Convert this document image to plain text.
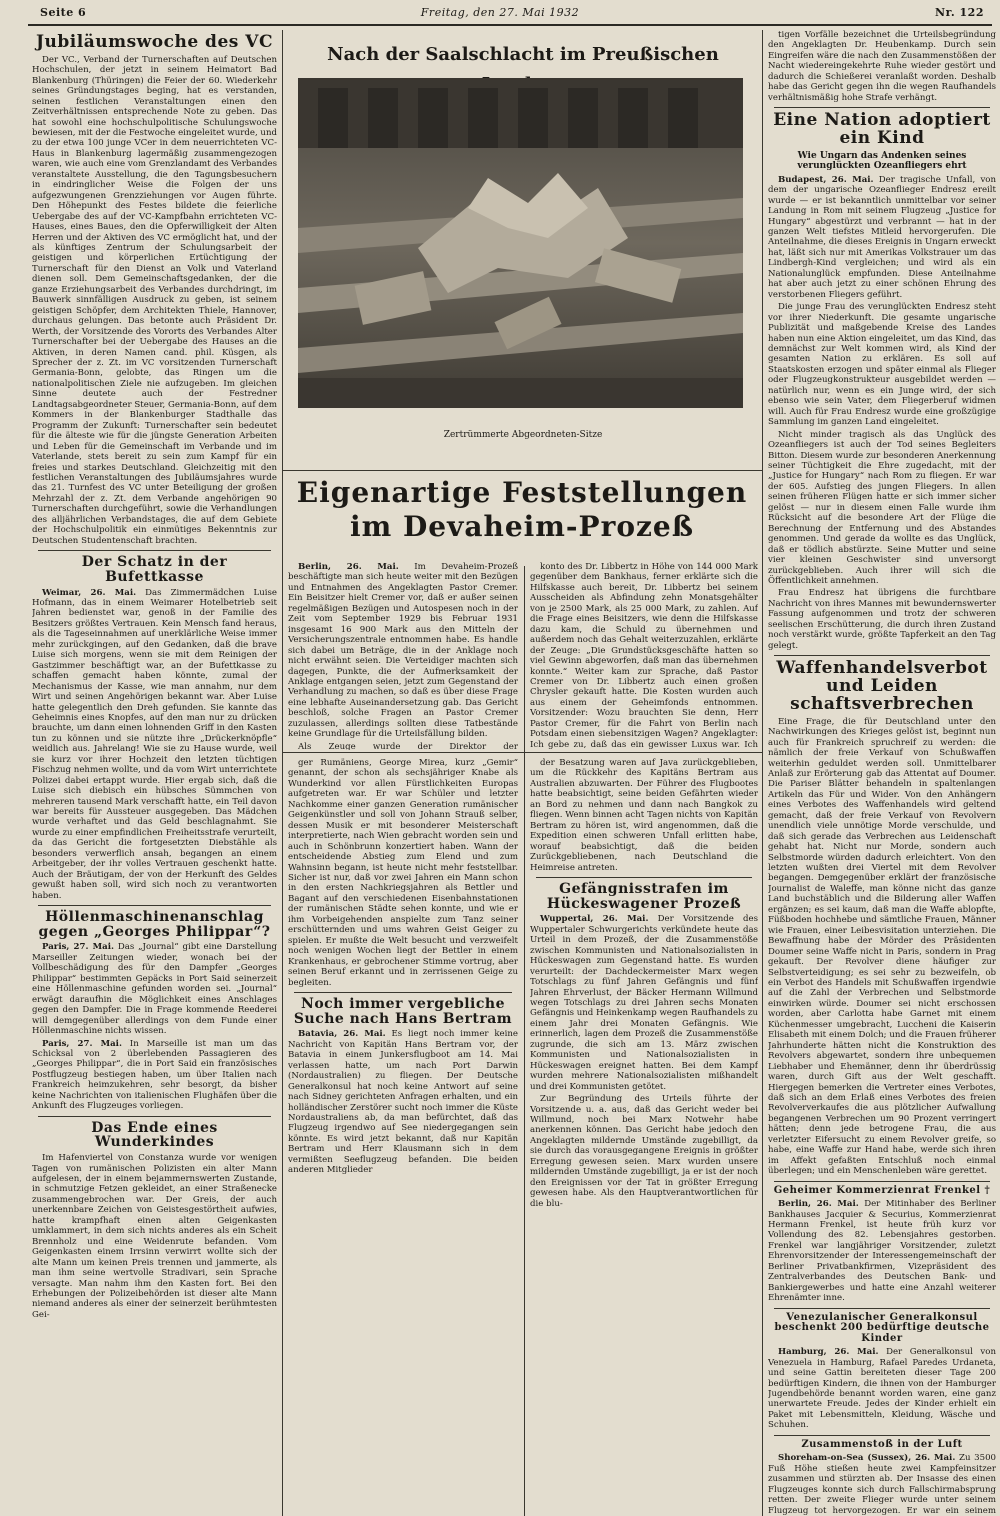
Seite 6	Freitag, den 27. Mai 1932	Nr. 122
Jubiläumswoche des VC

Der VC., Verband der Turnerschaften auf Deutschen Hochschulen, der jetzt in seinem Heimatort Bad Blankenburg (Thüringen) die Feier der 60. Wiederkehr seines Gründungstages beging, hat es verstanden, seinen festlichen Veranstaltungen einen den Zeitverhältnissen entsprechende Note zu geben. Das hat sowohl eine hochschulpolitische Schulungswoche bewiesen, mit der die Festwoche eingeleitet wurde, und zu der etwa 100 junge VCer in dem neuerrichteten VC-Haus in Blankenburg lagermäßig zusammengezogen waren, wie auch eine vom Grenzlandamt des Verbandes veranstaltete Ausstellung, die den Tagungsbesuchern in eindringlicher Weise die Folgen der uns aufgezwungenen Grenzziehungen vor Augen führte. Den Höhepunkt des Festes bildete die feierliche Uebergabe des auf der VC-Kampfbahn errichteten VC-Hauses, eines Baues, den die Opferwilligkeit der Alten Herren und der Aktiven des VC ermöglicht hat, und der als künftiges Zentrum der Schulungsarbeit der geistigen und körperlichen Ertüchtigung der Turnerschaft für den Dienst an Volk und Vaterland dienen soll. Dem Gemeinschaftsgedanken, der die ganze Erziehungsarbeit des Verbandes durchdringt, im Bauwerk sinnfälligen Ausdruck zu geben, ist seinem geistigen Schöpfer, dem Architekten Thiele, Hannover, durchaus gelungen. Das betonte auch Präsident Dr. Werth, der Vorsitzende des Vororts des Verbandes Alter Turnerschafter bei der Uebergabe des Hauses an die Aktiven, in deren Namen cand. phil. Küsgen, als Sprecher der z. Zt. im VC vorsitzenden Turnerschaft Germania-Bonn, gelobte, das Ringen um die nationalpolitischen Ziele nie aufzugeben. Im gleichen Sinne deutete auch der Festredner Landtagsabgeordneter Steuer, Germania-Bonn, auf dem Kommers in der Blankenburger Stadthalle das Programm der Zukunft: Turnerschafter sein bedeutet für die älteste wie für die jüngste Generation Arbeiten und Leben für die Gemeinschaft im Verbande und im Vaterlande, stets bereit zu sein zum Kampf für ein freies und starkes Deutschland. Gleichzeitig mit den festlichen Veranstaltungen des Jubiläumsjahres wurde das 21. Turnfest des VC unter Beteiligung der großen Mehrzahl der z. Zt. dem Verbande angehörigen 90 Turnerschaften durchgeführt, sowie die Verhandlungen des alljährlichen Verbandstages, die auf dem Gebiete der Hochschulpolitik ein einmütiges Bekenntnis zur Deutschen Studentenschaft brachten.

Der Schatz in der Bufettkasse

Weimar, 26. Mai. Das Zimmermädchen Luise Hofmann, das in einem Weimarer Hotelbetrieb seit Jahren bedienstet war, genoß in der Familie des Besitzers größtes Vertrauen. Kein Mensch fand heraus, als die Tageseinnahmen auf unerklärliche Weise immer mehr zurückgingen, auf den Gedanken, daß die brave Luise sich morgens, wenn sie mit dem Reinigen der Gastzimmer beschäftigt war, an der Bufettkasse zu schaffen gemacht haben könnte, zumal der Mechanismus der Kasse, wie man annahm, nur dem Wirt und seinen Angehörigen bekannt war. Aber Luise hatte gelegentlich den Dreh gefunden. Sie kannte das Geheimnis eines Knopfes, auf den man nur zu drücken brauchte, um dann einen lohnenden Griff in den Kasten tun zu können und sie nützte ihre „Drückerknöpfle“ weidlich aus. Jahrelang! Wie sie zu Hause wurde, weil sie kurz vor ihrer Hochzeit den letzten tüchtigen Fischzug nehmen wollte, und da vom Wirt unterrichtete Polizei dabei ertappt wurde. Hier ergab sich, daß die Luise sich diebisch ein hübsches Sümmchen von mehreren tausend Mark verschafft hatte, ein Teil davon war bereits für Aussteuer ausgegeben. Das Mädchen wurde verhaftet und das Geld beschlagnahmt. Sie wurde zu einer empfindlichen Freiheitsstrafe verurteilt, da das Gericht die fortgesetzten Diebstähle als besonders verwerflich ansah, begangen an einem Arbeitgeber, der ihr volles Vertrauen geschenkt hatte. Auch der Bräutigam, der von der Herkunft des Geldes gewußt haben soll, wird sich noch zu verantworten haben.

Höllenmaschinenanschlag gegen „Georges Philippar“?

Paris, 27. Mai. Das „Journal“ gibt eine Darstellung Marseiller Zeitungen wieder, wonach bei der Vollbeschädigung des für den Dampfer „Georges Philippar“ bestimmten Gepäcks in Port Said seinerzeit eine Höllenmaschine gefunden worden sei. „Journal“ erwägt daraufhin die Möglichkeit eines Anschlages gegen den Dampfer. Die in Frage kommende Reederei will demgegenüber allerdings von dem Funde einer Höllenmaschine nichts wissen.

Paris, 27. Mai. In Marseille ist man um das Schicksal von 2 überlebenden Passagieren des „Georges Philippar“, die in Port Said ein französisches Postflugzeug bestiegen haben, um über Italien nach Frankreich heimzukehren, sehr besorgt, da bisher keine Nachrichten von italienischen Flughäfen über die Ankunft des Flugzeuges vorliegen.

Das Ende eines Wunderkindes

Im Hafenviertel von Constanza wurde vor wenigen Tagen von rumänischen Polizisten ein alter Mann aufgelesen, der in einem bejammernswerten Zustande, in schmutzige Fetzen gekleidet, an einer Straßenecke zusammengebrochen war. Der Greis, der auch unerkennbare Zeichen von Geistesgestörtheit aufwies, hatte krampfhaft einen alten Geigenkasten umklammert, in dem sich nichts anderes als ein Scheit Brennholz und eine Weidenrute befanden. Vom Geigenkasten einem Irrsinn verwirrt wollte sich der alte Mann um keinen Preis trennen und jammerte, als man ihm seine wertvolle Stradivari, sein Sprache versagte. Man nahm ihm den Kasten fort. Bei den Erhebungen der Polizeibehörden ist dieser alte Mann niemand anderes als einer der seinerzeit berühmtesten Gei-

Nach der Saalschlacht im Preußischen
Zertrümmerte Abgeordneten-Sitze
Eigenartige Feststellungen
im Devaheim-Prozeß

Berlin, 26. Mai. Im Devaheim-Prozeß beschäftigte man sich heute weiter mit den Bezügen und Entnahmen des Angeklagten Pastor Cremer. Ein Beisitzer hielt Cremer vor, daß er außer seinen regelmäßigen Bezügen und Autospesen noch in der Zeit vom September 1929 bis Februar 1931 insgesamt 16 900 Mark aus den Mitteln der Versicherungszentrale entnommen habe. Es handle sich dabei um Beträge, die in der Anklage noch nicht erwähnt seien. Die Verteidiger machten sich dagegen, Punkte, die der Aufmerksamkeit der Anklage entgangen seien, jetzt zum Gegenstand der Verhandlung zu machen, so daß es über diese Frage eine lebhafte Auseinandersetzung gab. Das Gericht beschloß, solche Fragen an Pastor Cremer zuzulassen, allerdings sollten diese Tatbestände keine Grundlage für die Urteilsfällung bilden.

Als Zeuge wurde der Direktor der

konto des Dr. Libbertz in Höhe von 144 000 Mark gegenüber dem Bankhaus, ferner erklärte sich die Hilfskasse auch bereit, Dr. Libbertz bei seinem Ausscheiden als Abfindung zehn Monatsgehälter von je 2500 Mark, als 25 000 Mark, zu zahlen. Auf die Frage eines Beisitzers, wie denn die Hilfskasse dazu kam, die Schuld zu übernehmen und außerdem noch das Gehalt weiterzuzahlen, erklärte der Zeuge: „Die Grundstücksgeschäfte hatten so viel Gewinn abgeworfen, daß man das übernehmen konnte.“ Weiter kam zur Sprache, daß Pastor Cremer von Dr. Libbertz auch einen großen Chrysler gekauft hatte. Die Kosten wurden auch aus einem der Geheimfonds entnommen. Vorsitzender: Wozu brauchten Sie denn, Herr Pastor Cremer, für die Fahrt von Berlin nach Potsdam einen siebensitzigen Wagen? Angeklagter: Ich gebe zu, daß das ein gewisser Luxus war. Ich

ger Rumäniens, George Mirea, kurz „Gemir“ genannt, der schon als sechsjähriger Knabe als Wunderkind vor allen Fürstlichkeiten Europas aufgetreten war. Er war Schüler und letzter Nachkomme einer ganzen Generation rumänischer Geigenkünstler und soll von Johann Strauß selber, dessen Musik er mit besonderer Meisterschaft interpretierte, nach Wien gebracht worden sein und auch in Schönbrunn konzertiert haben. Wann der entscheidende Abstieg zum Elend und zum Wahnsinn begann, ist heute nicht mehr feststellbar. Sicher ist nur, daß vor zwei Jahren ein Mann schon in den ersten Nachkriegsjahren als Bettler und Bagant auf den verschiedenen Eisenbahnstationen der rumänischen Städte sehen konnte, und wie er ihm Vorbeigehenden anspielte zum Tanz seiner erschütternden und ums wahren Geist Geiger zu spielen. Er mußte die Welt besucht und verzweifelt noch wenigen Wochen liegt der Bettler in einem Krankenhaus, er gebrochener Stimme vortrug, aber seinen Beruf erkannt und in zerrissenen Geige zu begleiten.

Noch immer vergebliche Suche nach Hans Bertram

Batavia, 26. Mai. Es liegt noch immer keine Nachricht von Kapitän Hans Bertram vor, der Batavia in einem Junkersflugboot am 14. Mai verlassen hatte, um nach Port Darwin (Nordaustralien) zu fliegen. Der Deutsche Generalkonsul hat noch keine Antwort auf seine nach Sidney gerichteten Anfragen erhalten, und ein holländischer Zerstörer sucht noch immer die Küste Nordaustraliens ab, da man befürchtet, daß das Flugzeug irgendwo auf See niedergegangen sein könnte. Es wird jetzt bekannt, daß nur Kapitän Bertram und Herr Klausmann sich in dem vermißten Seeflugzeug befanden. Die beiden anderen Mitglieder

der Besatzung waren auf Java zurückgeblieben, um die Rückkehr des Kapitäns Bertram aus Australien abzuwarten. Der Führer des Flugbootes hatte beabsichtigt, seine beiden Gefährten wieder an Bord zu nehmen und dann nach Bangkok zu fliegen. Wenn binnen acht Tagen nichts von Kapitän Bertram zu hören ist, wird angenommen, daß die Expedition einen schweren Unfall erlitten habe, worauf beabsichtigt, daß die beiden Zurückgebliebenen, nach Deutschland die Heimreise antreten.

Gefängnisstrafen im Hückeswagener Prozeß

Wuppertal, 26. Mai. Der Vorsitzende des Wuppertaler Schwurgerichts verkündete heute das Urteil in dem Prozeß, der die Zusammenstöße zwischen Kommunisten und Nationalsozialisten in Hückeswagen zum Gegenstand hatte. Es wurden verurteilt: der Dachdeckermeister Marx wegen Totschlags zu fünf Jahren Gefängnis und fünf Jahren Ehrverlust, der Bäcker Hermann Willmund wegen Totschlags zu drei Jahren sechs Monaten Gefängnis und Heinkenkamp wegen Raufhandels zu einem Jahr drei Monaten Gefängnis. Wie erinnerlich, lagen dem Prozeß die Zusammenstöße zugrunde, die sich am 13. März zwischen Kommunisten und Nationalsozialisten in Hückeswagen ereignet hatten. Bei dem Kampf wurden mehrere Nationalsozialisten mißhandelt und drei Kommunisten getötet.

Zur Begründung des Urteils führte der Vorsitzende u. a. aus, daß das Gericht weder bei Willmund, noch bei Marx Notwehr habe anerkennen können. Das Gericht habe jedoch den Angeklagten mildernde Umstände zugebilligt, da sie durch das vorausgegangene Ereignis in größter Erregung gewesen seien. Marx wurden unsere mildernden Umstände zugebilligt, ja er ist der noch den Ereignissen vor der Tat in größter Erregung gewesen habe. Als den Hauptverantwortlichen für die blu-

tigen Vorfälle bezeichnet die Urteilsbegründung den Angeklagten Dr. Heubenkamp. Durch sein Eingreifen wäre die nach den Zusammenstößen der Nacht wiedereingekehrte Ruhe wieder gestört und dadurch die Schießerei veranlaßt worden. Deshalb habe das Gericht gegen ihn die wegen Raufhandels verhältnismäßig hohe Strafe verhängt.

Eine Nation adoptiert ein Kind
Wie Ungarn das Andenken seines verunglückten Ozeanfliegers ehrt

Budapest, 26. Mai. Der tragische Unfall, von dem der ungarische Ozeanflieger Endresz ereilt wurde — er ist bekanntlich unmittelbar vor seiner Landung in Rom mit seinem Flugzeug „Justice for Hungary“ abgestürzt und verbrannt — hat in der ganzen Welt tiefstes Mitleid hervorgerufen. Die Anteilnahme, die dieses Ereignis in Ungarn erweckt hat, läßt sich nur mit Amerikas Volkstrauer um das Lindbergh-Kind vergleichen; und wird als ein Nationalunglück empfunden. Diese Anteilnahme hat aber auch jetzt zu einer schönen Ehrung des verstorbenen Fliegers geführt.

Die junge Frau des verunglückten Endresz steht vor ihrer Niederkunft. Die gesamte ungarische Publizität und maßgebende Kreise des Landes haben nun eine Aktion eingeleitet, um das Kind, das demnächst zur Welt kommen wird, als Kind der gesamten Nation zu erklären. Es soll auf Staatskosten erzogen und später einmal als Flieger oder Flugzeugkonstrukteur ausgebildet werden — natürlich nur, wenn es ein Junge wird, der sich ebenso wie sein Vater, dem Fliegerberuf widmen will. Auch für Frau Endresz wurde eine großzügige Sammlung im ganzen Land eingeleitet.

Nicht minder tragisch als das Unglück des Ozeanfliegers ist auch der Tod seines Begleiters Bitton. Diesem wurde zur besonderen Anerkennung seiner Tüchtigkeit die Ehre zugedacht, mit der „Justice for Hungary“ nach Rom zu fliegen. Er war der 605. Aufstieg des jungen Fliegers. In allen seinen früheren Flügen hatte er sich immer sicher gelöst — nur in diesem einen Falle wurde ihm Rücksicht auf die besondere Art der Flüge die Berechnung der Entfernung und des Abstandes genommen. Und gerade da wollte es das Unglück, daß er tödlich abstürzte. Seine Mutter und seine vier kleinen Geschwister sind unversorgt zurückgeblieben. Auch ihrer will sich die Öffentlichkeit annehmen.

Frau Endresz hat übrigens die furchtbare Nachricht von ihres Mannes mit bewundernswerter Fassung aufgenommen und trotz der schweren seelischen Erschütterung, die durch ihren Zustand noch verstärkt wurde, größte Tapferkeit an den Tag gelegt.

Waffenhandelsverbot und Leiden schaftsverbrechen

Eine Frage, die für Deutschland unter den Nachwirkungen des Krieges gelöst ist, beginnt nun auch für Frankreich spruchreif zu werden: die nämlich der freie Verkauf von Schußwaffen weiterhin geduldet werden soll. Unmittelbarer Anlaß zur Erörterung gab das Attentat auf Doumer. Die Pariser Blätter behandeln in spaltenlangen Artikeln das Für und Wider. Von den Anhängern eines Verbotes des Waffenhandels wird geltend gemacht, daß der freie Verkauf von Revolvern unendlich viele unnötige Morde verschulde, und daß sich gerade das Verbrechen aus Leidenschaft gehabt hat. Nicht nur Morde, sondern auch Selbstmorde würden dadurch erleichtert. Von den letzten wußten drei Viertel mit dem Revolver begangen. Demgegenüber erklärt der französische Journalist de Waleffe, man könne nicht das ganze Land buchstäblich und die Bilderung aller Waffen ergänzen; es sei kaum, daß man die Waffe ablopfte, Füßboden hochhebe und sämtliche Frauen, Männer wie Frauen, einer Leibesvisitation unterziehen. Die Bewaffnung habe der Mörder des Präsidenten Doumer seine Waffe nicht in Paris, sondern in Prag gekauft. Der Revolver diene häufiger zur Selbstverteidigung; es sei sehr zu bezweifeln, ob ein Verbot des Handels mit Schußwaffen irgendwie auf die Zahl der Verbrechen und Selbstmorde einwirken würde. Doumer sei nicht erschossen worden, aber Carlotta habe Garnet mit einem Küchenmesser umgebracht, Luccheni die Kaiserin Elisabeth mit einem Dolch; und die Frauen früherer Jahrhunderte hätten nicht die Konstruktion des Revolvers abgewartet, sondern ihre unbequemen Liebhaber und Ehemänner, denn ihr überdrüssig waren, durch Gift aus der Welt geschafft. Hiergegen bemerken die Vertreter eines Verbotes, daß sich an dem Erlaß eines Verbotes des freien Revolververkaufes die aus plötzlicher Aufwallung begangenen Verbrechen um 90 Prozent verringert hätten; denn jede betrogene Frau, die aus verletzter Eifersucht zu einem Revolver greife, so habe, eine Waffe zur Hand habe, werde sich ihren im Affekt gefaßten Entschluß noch einmal überlegen; und ein Menschenleben wäre gerettet.

Geheimer Kommerzienrat Frenkel †

Berlin, 26. Mai. Der Mitinhaber des Berliner Bankhauses Jacquier & Securius, Kommerzienrat Hermann Frenkel, ist heute früh kurz vor Vollendung des 82. Lebensjahres gestorben. Frenkel war langjähriger Vorsitzender, zuletzt Ehrenvorsitzender der Interessengemeinschaft der Berliner Privatbankfirmen, Vizepräsident des Zentralverbandes des Deutschen Bank- und Bankiergewerbes und hatte eine Anzahl weiterer Ehrenämter inne.

Venezulanischer Generalkonsul beschenkt 200 bedürftige deutsche Kinder

Hamburg, 26. Mai. Der Generalkonsul von Venezuela in Hamburg, Rafael Paredes Urdaneta, und seine Gattin bereiteten dieser Tage 200 bedürftigen Kindern, die ihnen von der Hamburger Jugendbehörde benannt worden waren, eine ganz unerwartete Freude. Jedes der Kinder erhielt ein Paket mit Lebensmitteln, Kleidung, Wäsche und Schuhen.

Zusammenstoß in der Luft

Shoreham-on-Sea (Sussex), 26. Mai. Zu 3500 Fuß Höhe stießen heute zwei Kampfeinsitzer zusammen und stürzten ab. Der Insasse des einen Flugzeuges konnte sich durch Fallschirmabsprung retten. Der zweite Flieger wurde unter seinem Flugzeug tot hervorgezogen. Er war ein seinem
